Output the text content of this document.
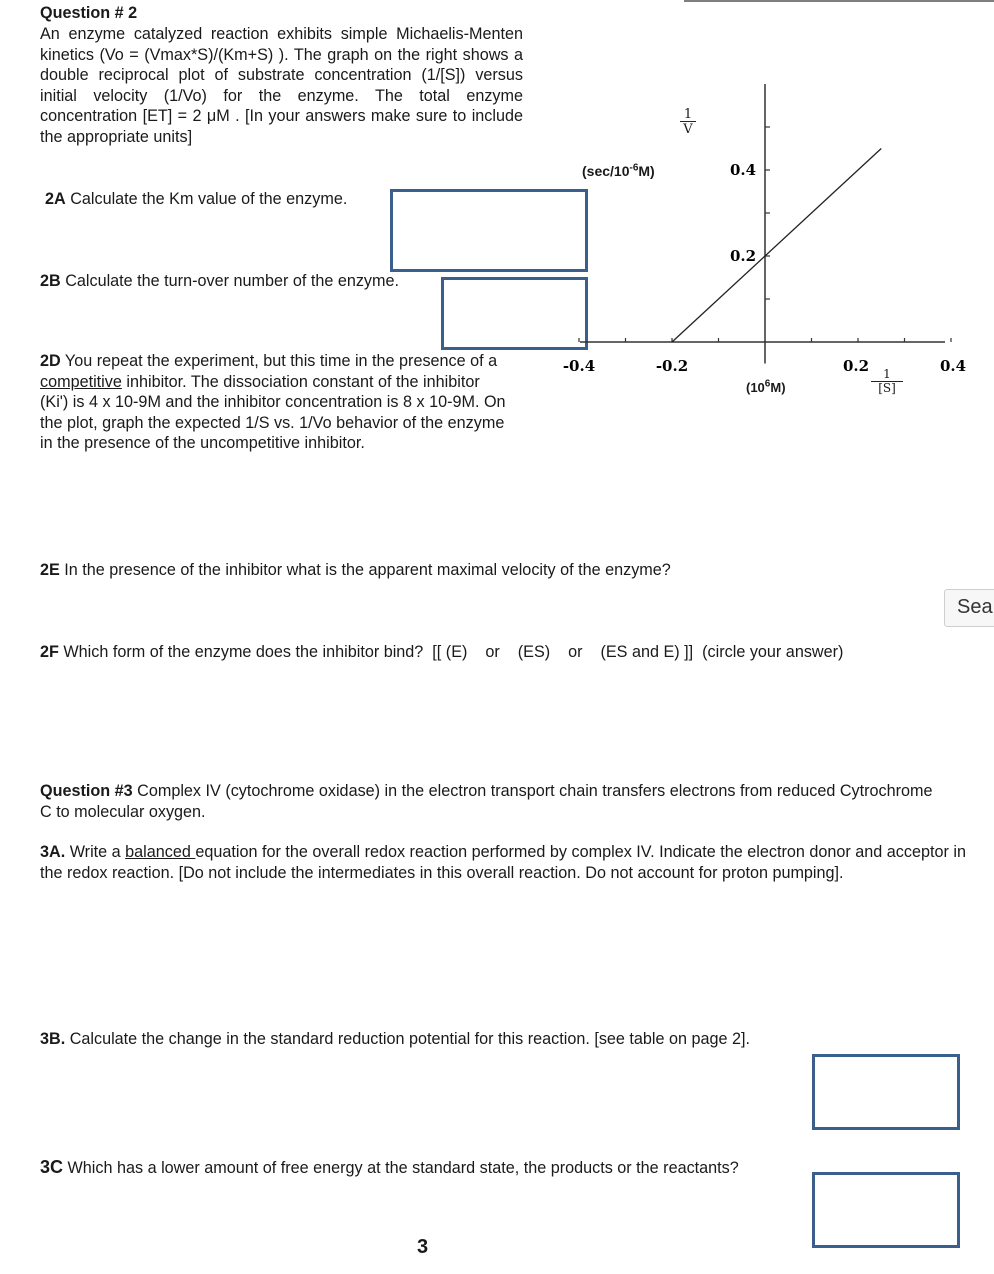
Question # 2
An enzyme catalyzed reaction exhibits simple Michaelis-Menten kinetics (Vo = (Vmax*S)/(Km+S) ). The graph on the right shows a double reciprocal plot of substrate concentration (1/[S]) versus initial velocity (1/Vo) for the enzyme. The total enzyme concentration [ET] = 2 μM . [In your answers make sure to include the appropriate units]
2A Calculate the Km value of the enzyme.
2B Calculate the turn-over number of the enzyme.
2D You repeat the experiment, but this time in the presence of a competitive inhibitor. The dissociation constant of the inhibitor (Ki') is 4 x 10-9M and the inhibitor concentration is 8 x 10-9M. On the plot, graph the expected 1/S vs. 1/Vo behavior of the enzyme in the presence of the uncompetitive inhibitor.
-0.4	-0.2	0.2	0.4
0.2
0.4
1
V
$(\sec/10^{-6}M)$
$(10^6M)$
1
[S]
2E In the presence of the inhibitor what is the apparent maximal velocity of the enzyme?
Sea
2F Which form of the enzyme does the inhibitor bind?  [[ (E)    or    (ES)    or    (ES and E) ]]  (circle your answer)
Question #3 Complex IV (cytochrome oxidase) in the electron transport chain transfers electrons from reduced Cytrochrome C to molecular oxygen.
3A. Write a balanced equation for the overall redox reaction performed by complex IV. Indicate the electron donor and acceptor in the redox reaction. [Do not include the intermediates in this overall reaction. Do not account for proton pumping].
3B. Calculate the change in the standard reduction potential for this reaction. [see table on page 2].
3C Which has a lower amount of free energy at the standard state, the products or the reactants?
3
